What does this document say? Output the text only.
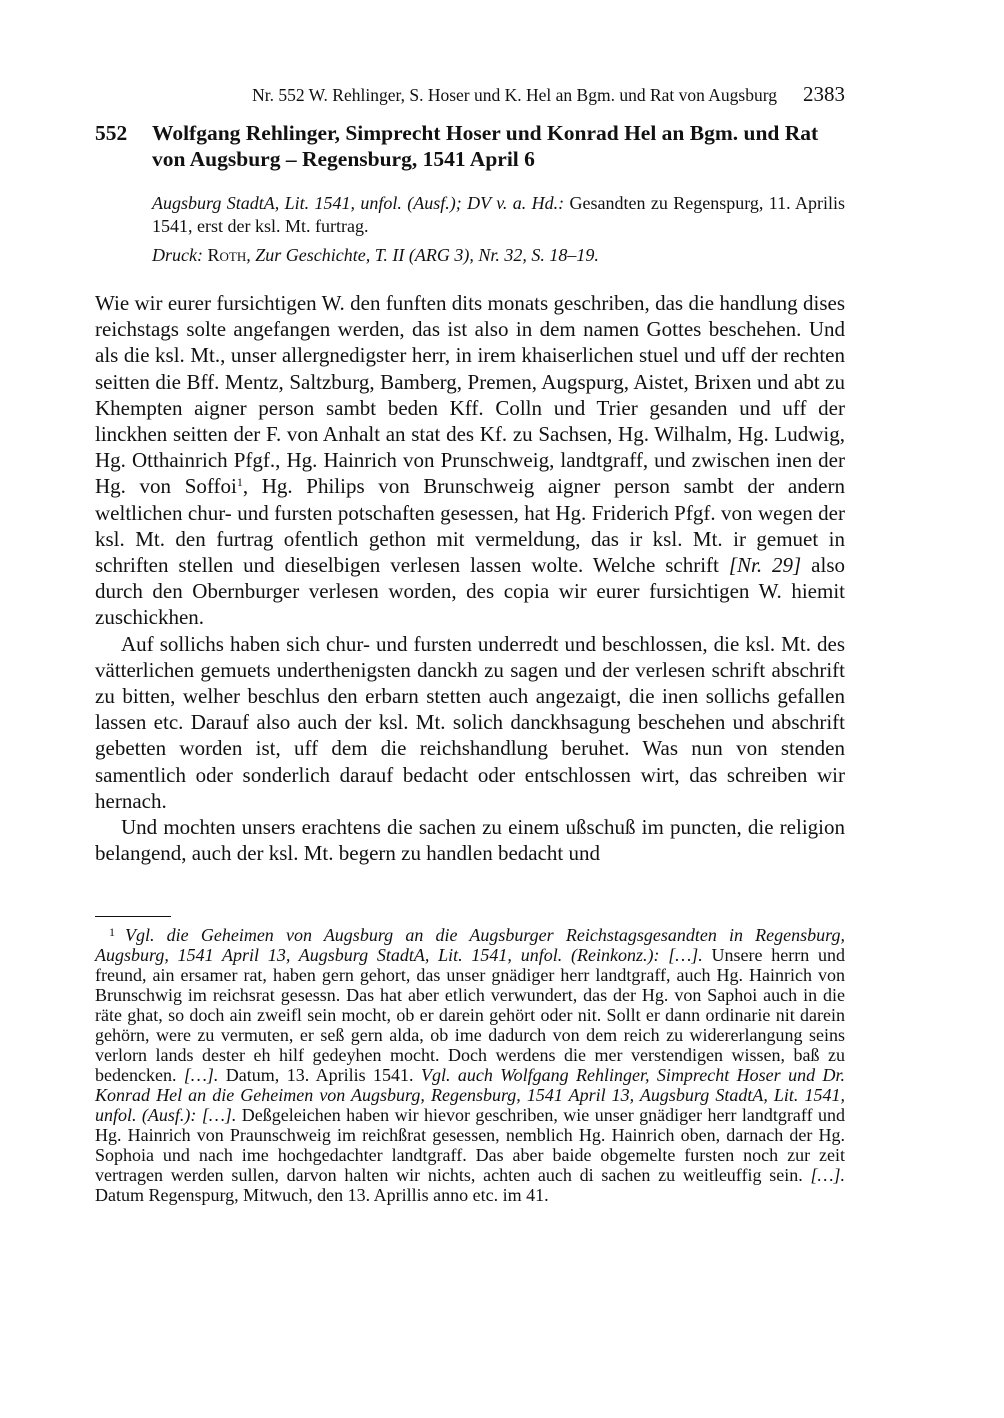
Nr. 552 W. Rehlinger, S. Hoser und K. Hel an Bgm. und Rat von Augsburg 2383
552	Wolfgang Rehlinger, Simprecht Hoser und Konrad Hel an Bgm. und Rat von Augsburg – Regensburg, 1541 April 6

Augsburg StadtA, Lit. 1541, unfol. (Ausf.); DV v. a. Hd.: Gesandten zu Regenspurg, 11. Aprilis 1541, erst der ksl. Mt. furtrag.

Druck: Roth, Zur Geschichte, T. II (ARG 3), Nr. 32, S. 18–19.

Wie wir eurer fursichtigen W. den funften dits monats geschriben, das die handlung dises reichstags solte angefangen werden, das ist also in dem namen Gottes beschehen. Und als die ksl. Mt., unser allergnedigster herr, in irem khaiserlichen stuel und uff der rechten seitten die Bff. Mentz, Saltzburg, Bamberg, Premen, Augspurg, Aistet, Brixen und abt zu Khempten aigner person sambt beden Kff. Colln und Trier gesanden und uff der linckhen seitten der F. von Anhalt an stat des Kf. zu Sachsen, Hg. Wilhalm, Hg. Ludwig, Hg. Otthainrich Pfgf., Hg. Hainrich von Prunschweig, landtgraff, und zwischen inen der Hg. von Soffoi$^1$, Hg. Philips von Brunschweig aigner person sambt der andern weltlichen chur- und fursten potschaften gesessen, hat Hg. Friderich Pfgf. von wegen der ksl. Mt. den furtrag ofentlich gethon mit vermeldung, das ir ksl. Mt. ir gemuet in schriften stellen und dieselbigen verlesen lassen wolte. Welche schrift [Nr. 29] also durch den Obernburger verlesen worden, des copia wir eurer fursichtigen W. hiemit zuschickhen.

Auf sollichs haben sich chur- und fursten underredt und beschlossen, die ksl. Mt. des vätterlichen gemuets underthenigsten danckh zu sagen und der verlesen schrift abschrift zu bitten, welher beschlus den erbarn stetten auch angezaigt, die inen sollichs gefallen lassen etc. Darauf also auch der ksl. Mt. solich danckhsagung beschehen und abschrift gebetten worden ist, uff dem die reichshandlung beruhet. Was nun von stenden samentlich oder sonderlich darauf bedacht oder entschlossen wirt, das schreiben wir hernach.

Und mochten unsers erachtens die sachen zu einem ußschuß im puncten, die religion belangend, auch der ksl. Mt. begern zu handlen bedacht und

$^1$ Vgl. die Geheimen von Augsburg an die Augsburger Reichstagsgesandten in Regensburg, Augsburg, 1541 April 13, Augsburg StadtA, Lit. 1541, unfol. (Reinkonz.): […]. Unsere herrn und freund, ain ersamer rat, haben gern gehort, das unser gnädiger herr landtgraff, auch Hg. Hainrich von Brunschwig im reichsrat gesessn. Das hat aber etlich verwundert, das der Hg. von Saphoi auch in die räte ghat, so doch ain zweifl sein mocht, ob er darein gehört oder nit. Sollt er dann ordinarie nit darein gehörn, were zu vermuten, er seß gern alda, ob ime dadurch von dem reich zu widererlangung seins verlorn lands dester eh hilf gedeyhen mocht. Doch werdens die mer verstendigen wissen, baß zu bedencken. […]. Datum, 13. Aprilis 1541. Vgl. auch Wolfgang Rehlinger, Simprecht Hoser und Dr. Konrad Hel an die Geheimen von Augsburg, Regensburg, 1541 April 13, Augsburg StadtA, Lit. 1541, unfol. (Ausf.): […]. Deßgeleichen haben wir hievor geschriben, wie unser gnädiger herr landtgraff und Hg. Hainrich von Praunschweig im reichßrat gesessen, nemblich Hg. Hainrich oben, darnach der Hg. Sophoia und nach ime hochgedachter landtgraff. Das aber baide obgemelte fursten noch zur zeit vertragen werden sullen, darvon halten wir nichts, achten auch di sachen zu weitleuffig sein. […]. Datum Regenspurg, Mitwuch, den 13. Aprillis anno etc. im 41.
